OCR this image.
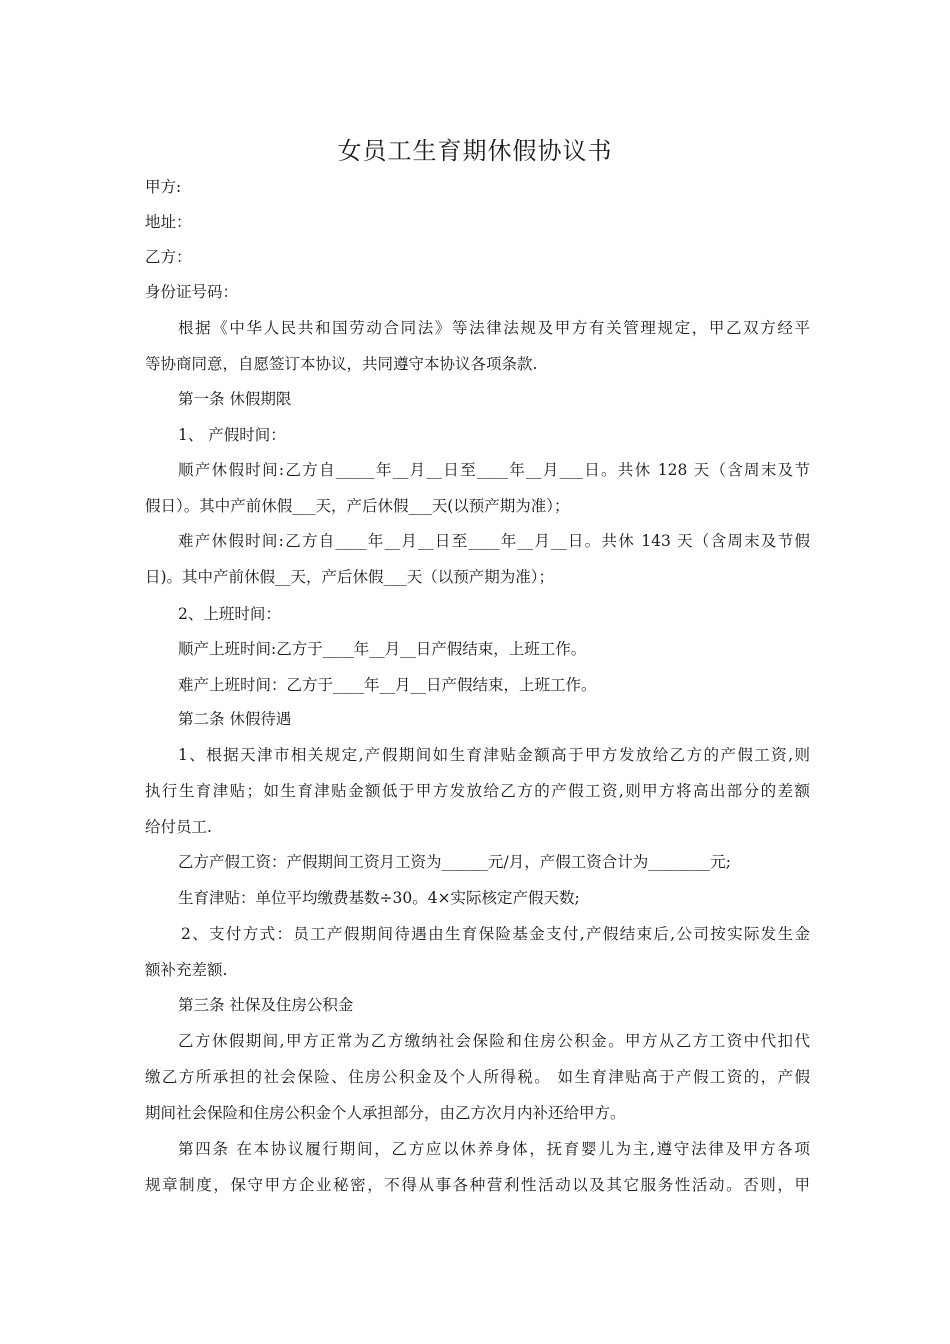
女员工生育期休假协议书
甲方:
地址：
乙方：
身份证号码：
根据《中华人民共和国劳动合同法》等法律法规及甲方有关管理规定，甲乙双方经平
等协商同意，自愿签订本协议，共同遵守本协议各项条款.
第一条 休假期限
1、 产假时间：
顺产休假时间:乙方自_____年__月__日至____年__月___日。共休 128 天（含周末及节
假日）。其中产前休假___天，产后休假___天(以预产期为准）；
难产休假时间:乙方自____年__月__日至____年__月__日。共休 143 天（含周末及节假
日)。其中产前休假__天，产后休假___天（以预产期为准）；
2、上班时间：
顺产上班时间:乙方于____年__月__日产假结束，上班工作。
难产上班时间：乙方于____年__月__日产假结束，上班工作。
第二条 休假待遇
1、根据天津市相关规定,产假期间如生育津贴金额高于甲方发放给乙方的产假工资,则
执行生育津贴；如生育津贴金额低于甲方发放给乙方的产假工资,则甲方将高出部分的差额
给付员工.
乙方产假工资：产假期间工资月工资为______元/月，产假工资合计为________元;
生育津贴：单位平均缴费基数÷30。4×实际核定产假天数;
2、支付方式：员工产假期间待遇由生育保险基金支付,产假结束后,公司按实际发生金
额补充差额.
第三条 社保及住房公积金
乙方休假期间,甲方正常为乙方缴纳社会保险和住房公积金。甲方从乙方工资中代扣代
缴乙方所承担的社会保险、住房公积金及个人所得税。 如生育津贴高于产假工资的，产假
期间社会保险和住房公积金个人承担部分，由乙方次月内补还给甲方。
第四条 在本协议履行期间，乙方应以休养身体，抚育婴儿为主,遵守法律及甲方各项
规章制度，保守甲方企业秘密，不得从事各种营利性活动以及其它服务性活动。否则，甲
